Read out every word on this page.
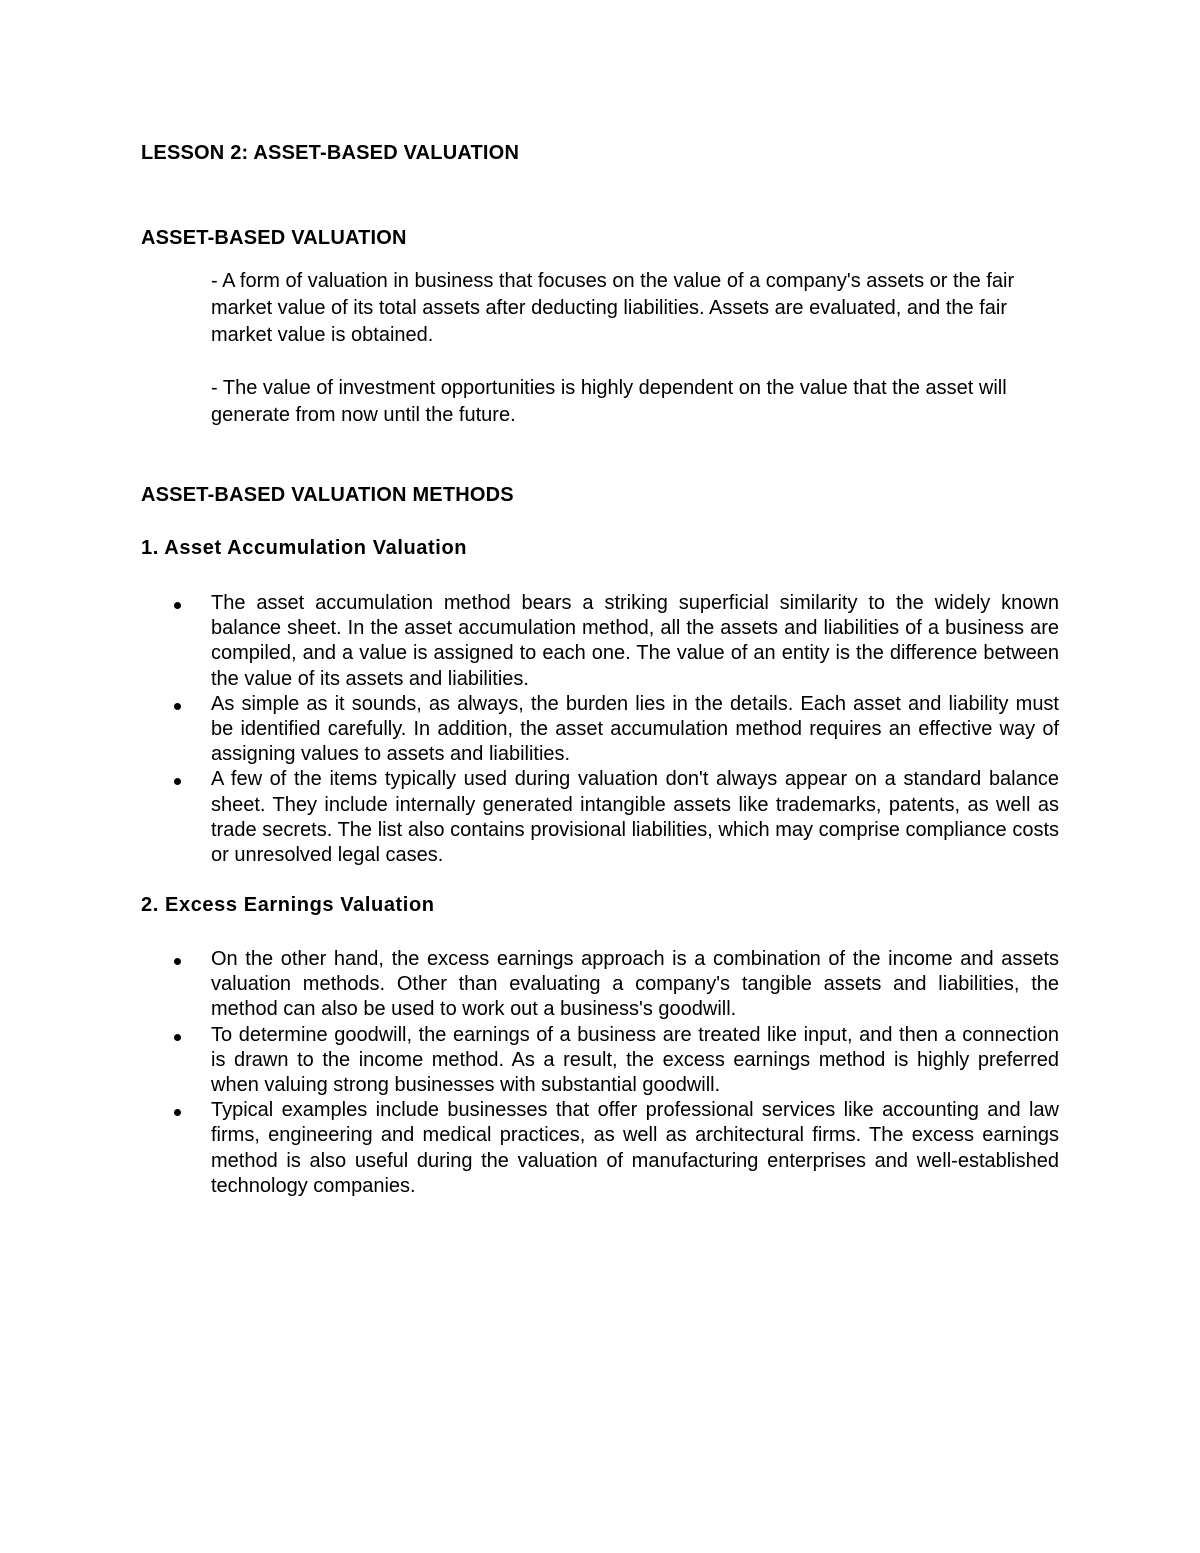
LESSON 2: ASSET-BASED VALUATION
ASSET-BASED VALUATION

- A form of valuation in business that focuses on the value of a company's assets or the fair market value of its total assets after deducting liabilities. Assets are evaluated, and the fair market value is obtained.

- The value of investment opportunities is highly dependent on the value that the asset will generate from now until the future.

ASSET-BASED VALUATION METHODS
1. Asset Accumulation Valuation
The asset accumulation method bears a striking superficial similarity to the widely known balance sheet. In the asset accumulation method, all the assets and liabilities of a business are compiled, and a value is assigned to each one. The value of an entity is the difference between the value of its assets and liabilities.
As simple as it sounds, as always, the burden lies in the details. Each asset and liability must be identified carefully. In addition, the asset accumulation method requires an effective way of assigning values to assets and liabilities.
A few of the items typically used during valuation don't always appear on a standard balance sheet. They include internally generated intangible assets like trademarks, patents, as well as trade secrets. The list also contains provisional liabilities, which may comprise compliance costs or unresolved legal cases.
2. Excess Earnings Valuation
On the other hand, the excess earnings approach is a combination of the income and assets valuation methods. Other than evaluating a company's tangible assets and liabilities, the method can also be used to work out a business's goodwill.
To determine goodwill, the earnings of a business are treated like input, and then a connection is drawn to the income method. As a result, the excess earnings method is highly preferred when valuing strong businesses with substantial goodwill.
Typical examples include businesses that offer professional services like accounting and law firms, engineering and medical practices, as well as architectural firms. The excess earnings method is also useful during the valuation of manufacturing enterprises and well-established technology companies.
